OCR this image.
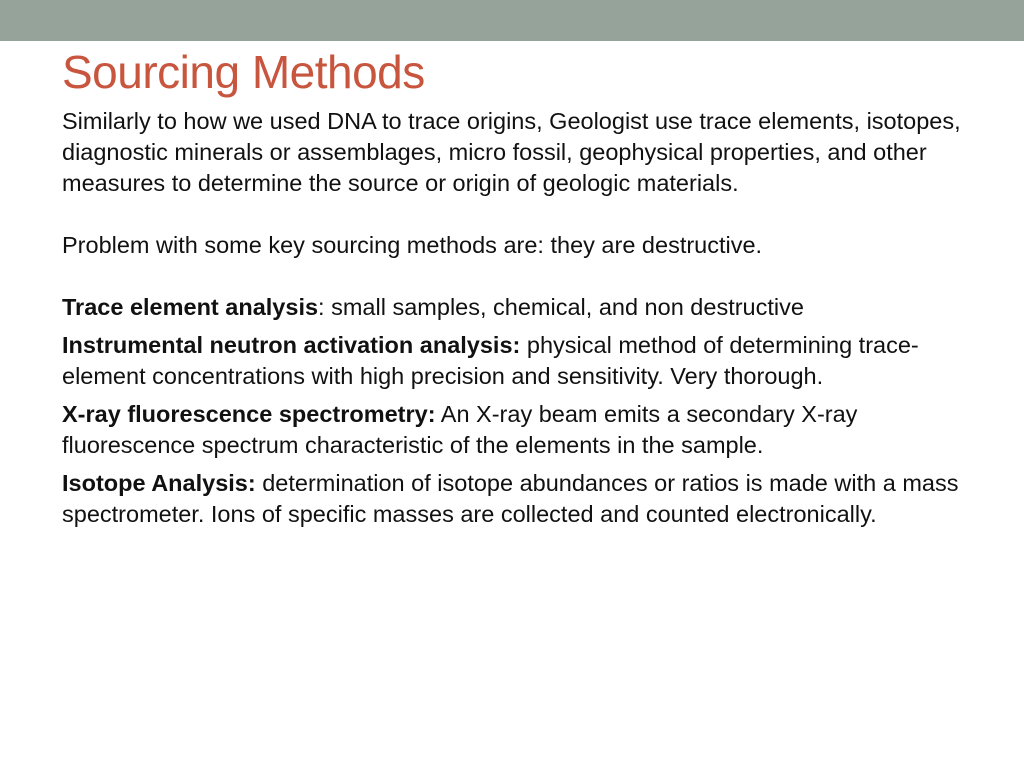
Sourcing Methods

Similarly to how we used DNA to trace origins, Geologist use trace elements, isotopes, diagnostic minerals or assemblages, micro fossil, geophysical properties, and other measures to determine the source or origin of geologic materials.

Problem with some key sourcing methods are: they are destructive.

Trace element analysis: small samples, chemical, and non destructive

Instrumental neutron activation analysis: physical method of determining trace-element concentrations with high precision and sensitivity. Very thorough.

X-ray fluorescence spectrometry: An X-ray beam emits a secondary X-ray fluorescence spectrum characteristic of the elements in the sample.

Isotope Analysis: determination of isotope abundances or ratios is made with a mass spectrometer. Ions of specific masses are collected and counted electronically.
